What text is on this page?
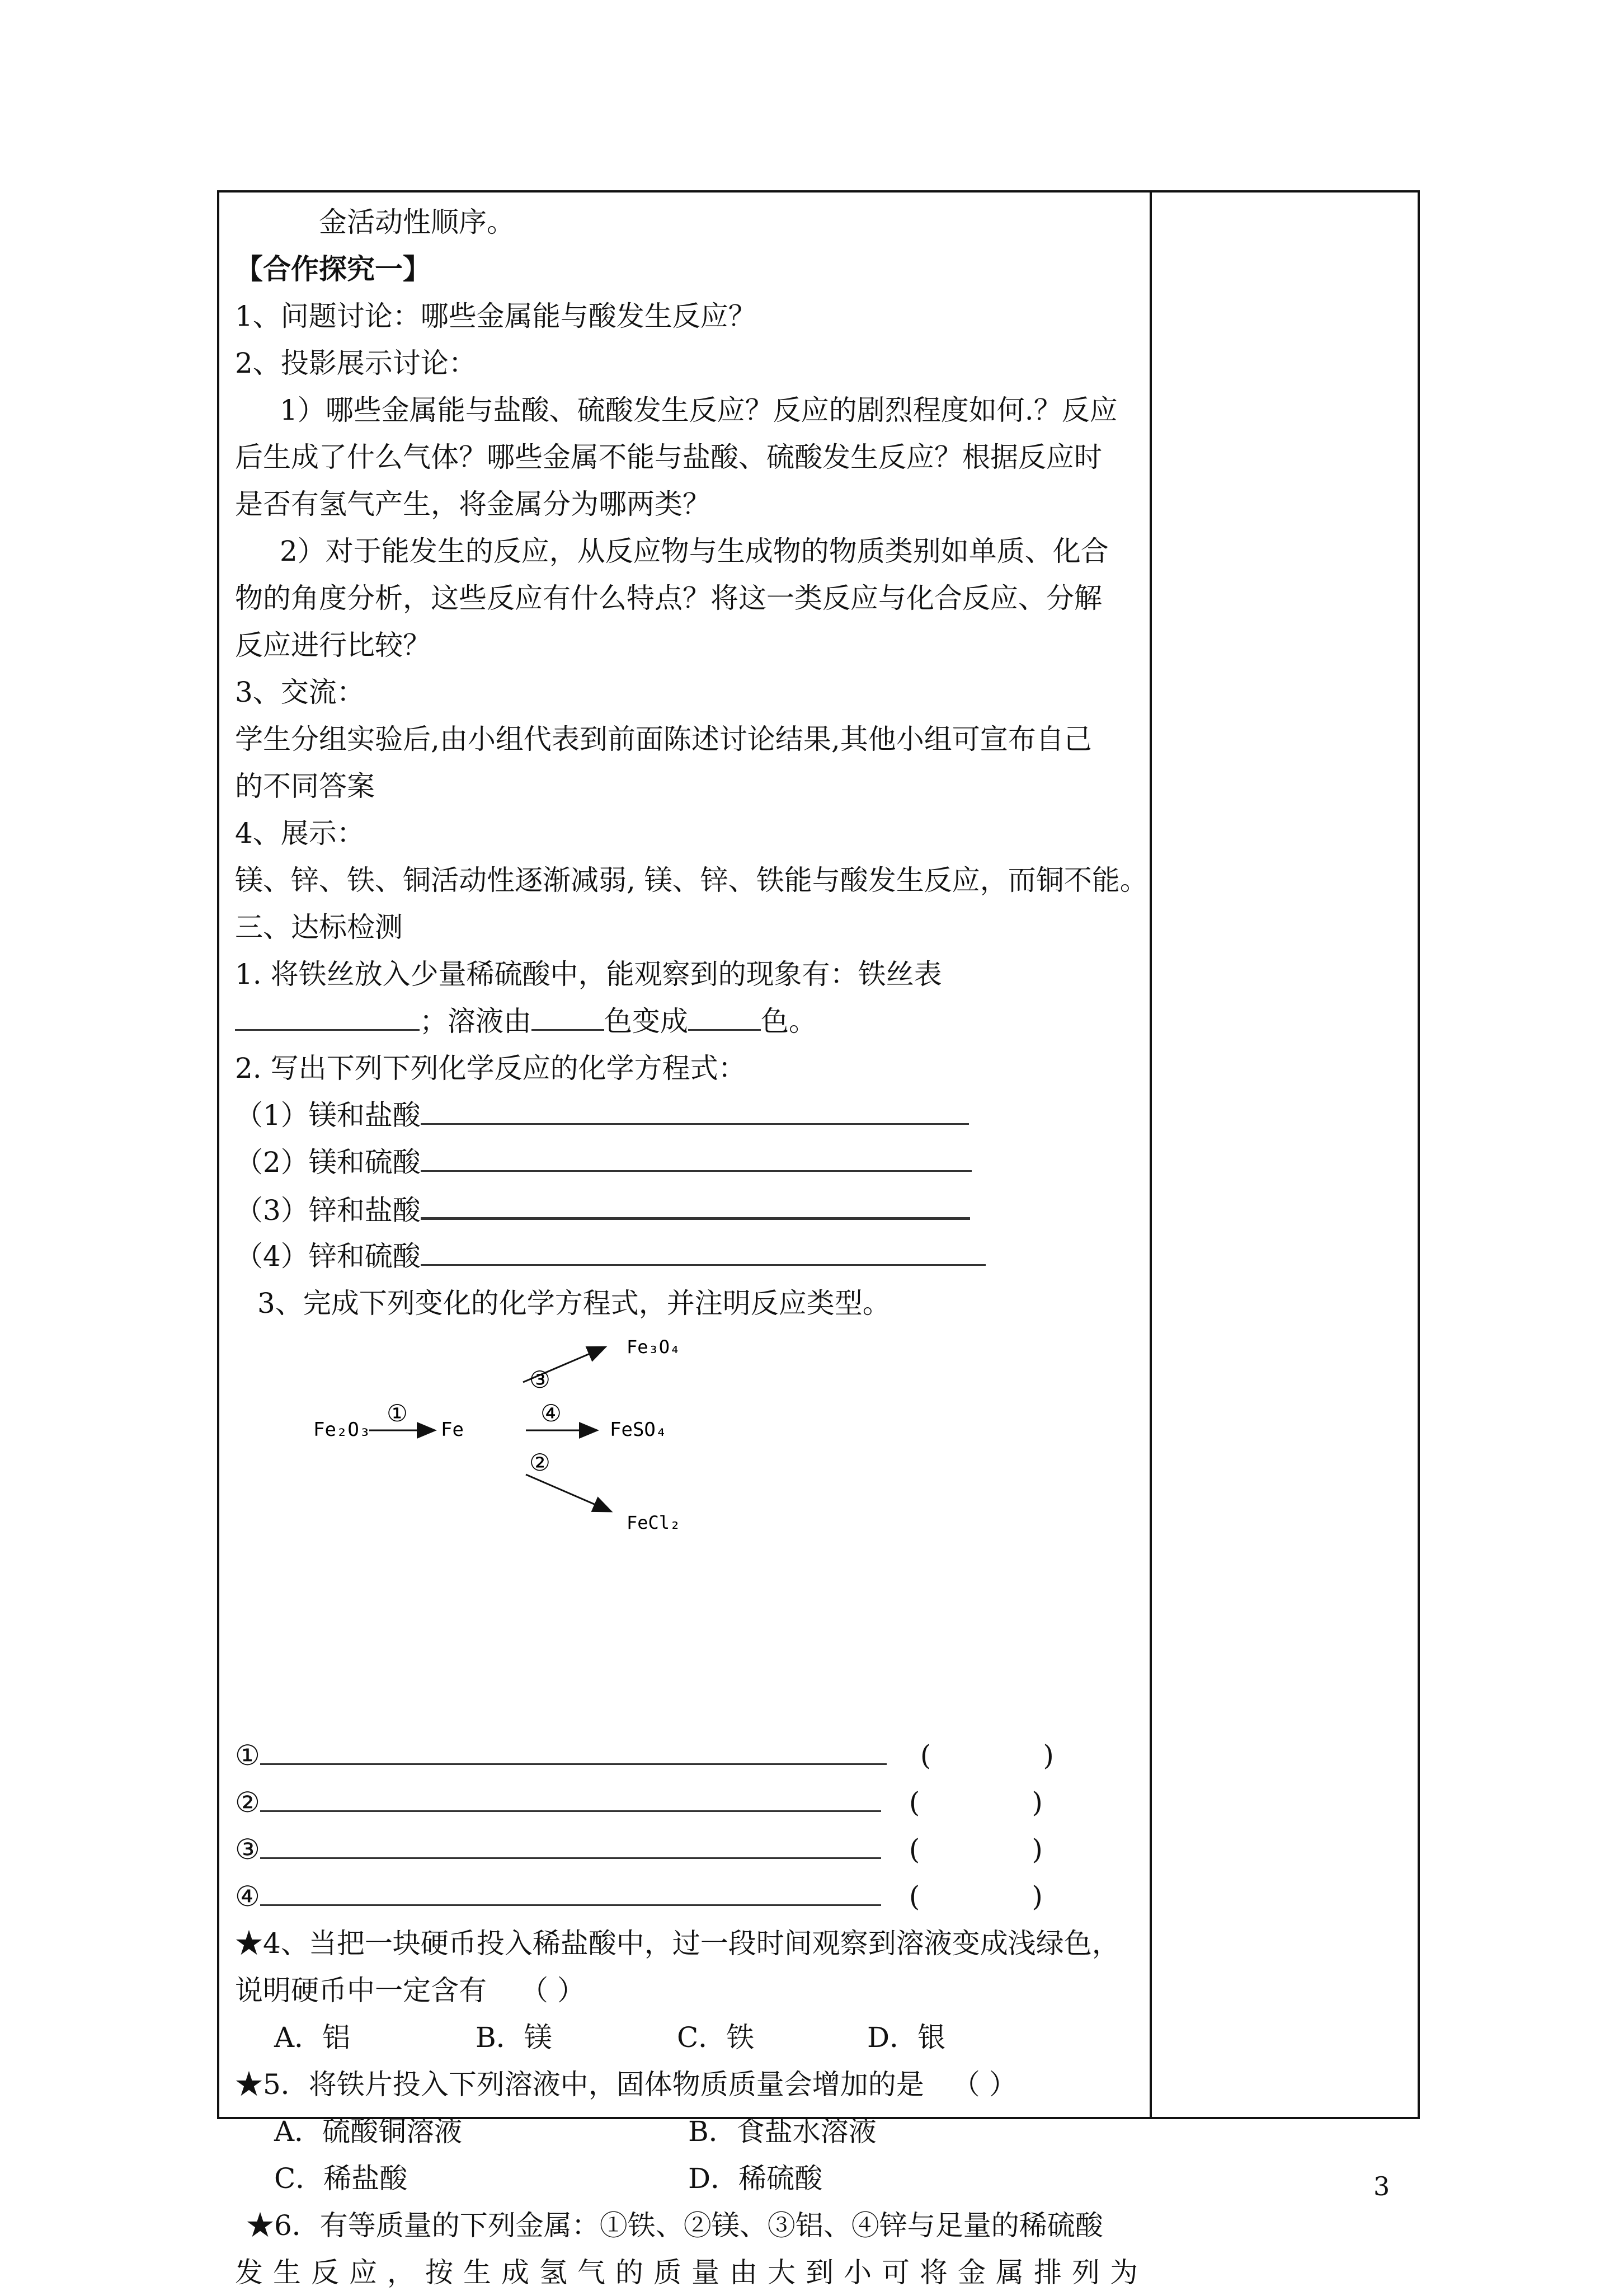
金活动性顺序。
【合作探究一】
1、问题讨论：哪些金属能与酸发生反应？
2、投影展示讨论：
1）哪些金属能与盐酸、硫酸发生反应？反应的剧烈程度如何.？反应
后生成了什么气体？哪些金属不能与盐酸、硫酸发生反应？根据反应时
是否有氢气产生，将金属分为哪两类？
2）对于能发生的反应，从反应物与生成物的物质类别如单质、化合
物的角度分析，这些反应有什么特点？将这一类反应与化合反应、分解
反应进行比较？
3、交流：
学生分组实验后,由小组代表到前面陈述讨论结果,其他小组可宣布自己
的不同答案
4、展示：
镁、锌、铁、铜活动性逐渐减弱, 镁、锌、铁能与酸发生反应，而铜不能。
三、达标检测
1. 将铁丝放入少量稀硫酸中，能观察到的现象有：铁丝表
；溶液由	色变成	色。
2. 写出下列下列化学反应的化学方程式：
（1）镁和盐酸
（2）镁和硫酸
（3）锌和盐酸
（4）锌和硫酸
3、完成下列变化的化学方程式，并注明反应类型。
①	(	)
②	(	)
③	(	)
④	(	)
★4、当把一块硬币投入稀盐酸中，过一段时间观察到溶液变成浅绿色，
说明硬币中一定含有 （ ）
A．铝	B．镁	C．铁	D．银
★5．将铁片投入下列溶液中，固体物质质量会增加的是 （ ）
A．硫酸铜溶液	B．食盐水溶液
C．稀盐酸	D．稀硫酸
★6．有等质量的下列金属：①铁、②镁、③铝、④锌与足量的稀硫酸
发生反应，按生成氢气的质量由大到小可将金属排列为
Fe₂O₃
①
Fe
③
Fe₃O₄
④
FeSO₄
②
FeCl₂
3
